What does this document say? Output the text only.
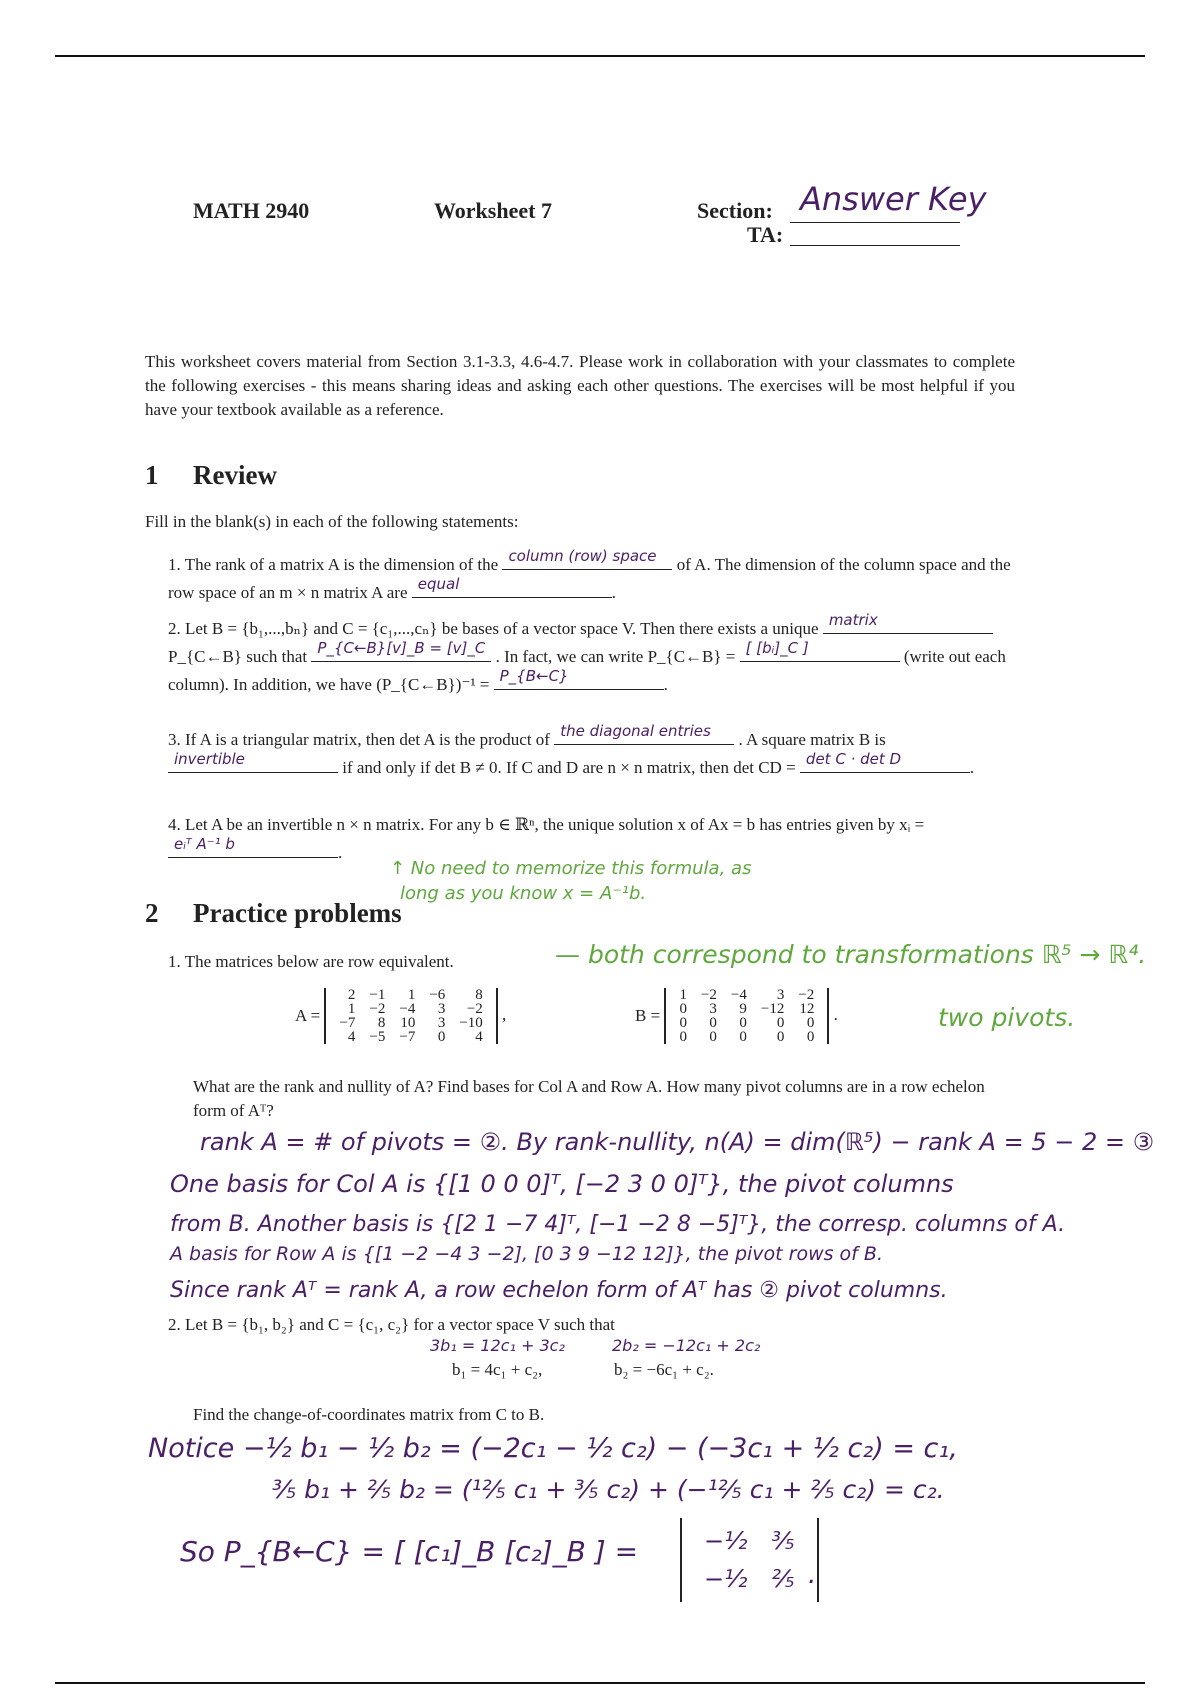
MATH 2940	Worksheet 7	Section: Answer Key
TA:
This worksheet covers material from Section 3.1-3.3, 4.6-4.7. Please work in collaboration with your classmates to complete the following exercises - this means sharing ideas and asking each other questions. The exercises will be most helpful if you have your textbook available as a reference.
1 Review
Fill in the blank(s) in each of the following statements:
1. The rank of a matrix A is the dimension of the column (row) space of A. The dimension of the column space and the row space of an m × n matrix A are equal	.
2. Let B = {b₁,...,bₙ} and C = {c₁,...,cₙ} be bases of a vector space V. Then there exists a unique matrix
P_{C←B} such that P_{C←B}[v]_B = [v]_C . In fact, we can write P_{C←B} = [ [bᵢ]_C ]	(write out each column). In addition, we have (P_{C←B})⁻¹ = P_{B←C}	.
3. If A is a triangular matrix, then det A is the product of the diagonal entries . A square matrix B is
invertible	if and only if det B ≠ 0. If C and D are n × n matrix, then det CD = det C · det D	.
4. Let A be an invertible n × n matrix. For any b ∈ ℝⁿ, the unique solution x of Ax = b has entries given by xᵢ =
eᵢᵀ A⁻¹ b	.
↑ No need to memorize this formula, as
long as you know x = A⁻¹b.
2 Practice problems
1. The matrices below are row equivalent.	— both correspond to transformations ℝ⁵ → ℝ⁴.
A =
2	−1	1	−6	8
1	−2	−4	3	−2
−7	8	10	3	−10
4	−5	−7	0	4
,	B =
1	−2	−4	3	−2
0	3	9	−12	12
0	0	0	0	0
0	0	0	0	0
.	two pivots.
What are the rank and nullity of A? Find bases for Col A and Row A. How many pivot columns are in a row echelon form of Aᵀ?
rank A = # of pivots = ②. By rank-nullity, n(A) = dim(ℝ⁵) − rank A = 5 − 2 = ③
One basis for Col A is {[1 0 0 0]ᵀ, [−2 3 0 0]ᵀ}, the pivot columns
from B. Another basis is {[2 1 −7 4]ᵀ, [−1 −2 8 −5]ᵀ}, the corresp. columns of A.
A basis for Row A is {[1 −2 −4 3 −2], [0 3 9 −12 12]}, the pivot rows of B.
Since rank Aᵀ = rank A, a row echelon form of Aᵀ has ② pivot columns.
2. Let B = {b₁, b₂} and C = {c₁, c₂} for a vector space V such that
3b₁ = 12c₁ + 3c₂	2b₂ = −12c₁ + 2c₂
b₁ = 4c₁ + c₂,	b₂ = −6c₁ + c₂.
Find the change-of-coordinates matrix from C to B.
Notice −½ b₁ − ½ b₂ = (−2c₁ − ½ c₂) − (−3c₁ + ½ c₂) = c₁,
³⁄₅ b₁ + ²⁄₅ b₂ = (¹²⁄₅ c₁ + ³⁄₅ c₂) + (−¹²⁄₅ c₁ + ²⁄₅ c₂) = c₂.
So P_{B←C} = [ [c₁]_B [c₂]_B ] =	−½	³⁄₅
−½	²⁄₅ .
